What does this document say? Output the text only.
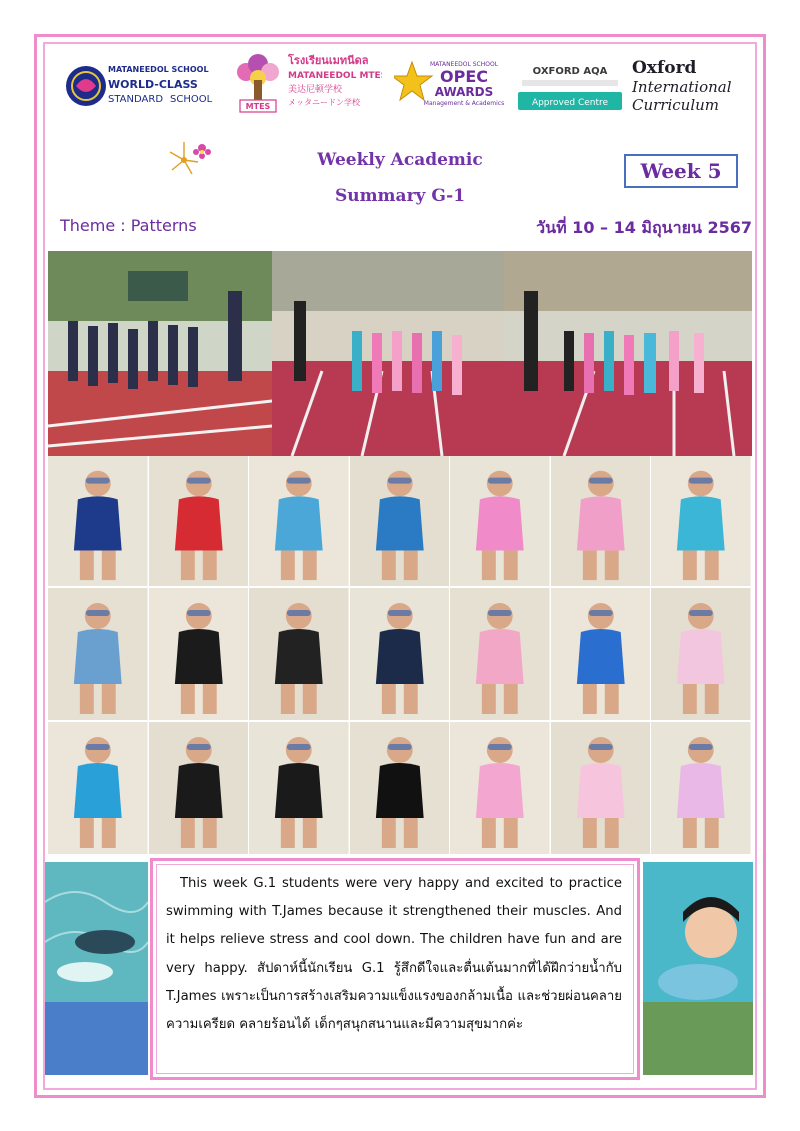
MATANEEDOL SCHOOL
WORLD-CLASS
STANDARD SCHOOL
MTES
โรงเรียนเมทนีดล
MATANEEDOL MTES
美达尼顿学校
メッタニードン学校
MATANEEDOL SCHOOL
OPEC
AWARDS
Management & Academics
OXFORD AQA
Approved Centre
Oxford
International
Curriculum
Weekly Academic
Summary G-1
Week 5
Theme : Patterns	วันที่ 10 – 14 มิถุนายน 2567
This week G.1 students were very happy and excited to practice swimming with T.James because it strengthened their muscles. And it helps relieve stress and cool down. The children have fun and are very happy. สัปดาห์นี้นักเรียน G.1 รู้สึกดีใจและตื่นเต้นมากที่ได้ฝึกว่ายน้ำกับ T.James เพราะเป็นการสร้างเสริมความแข็งแรงของกล้ามเนื้อ และช่วยผ่อนคลายความเครียด คลายร้อนได้ เด็กๆสนุกสนานและมีความสุขมากค่ะ
